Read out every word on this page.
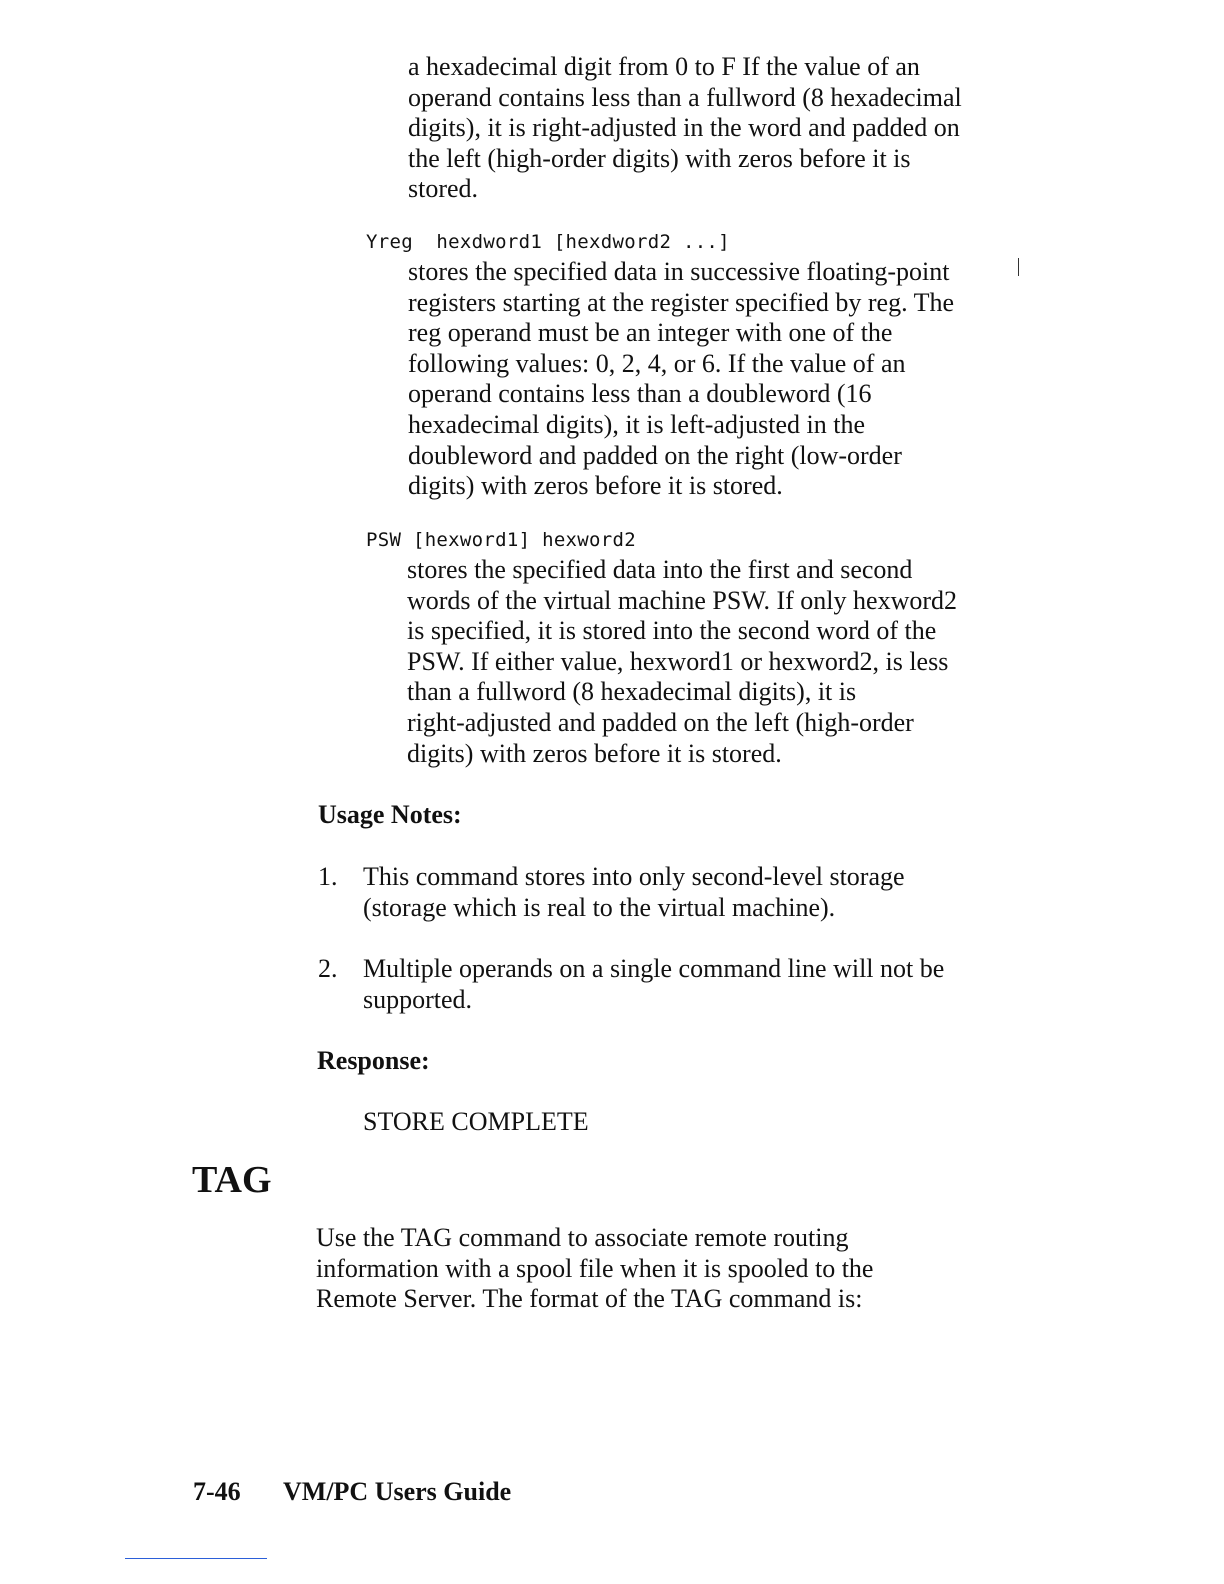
a hexadecimal digit from 0 to F If the value of an
operand contains less than a fullword (8 hexadecimal
digits), it is right-adjusted in the word and padded on
the left (high-order digits) with zeros before it is
stored.
Yreg  hexdword1 [hexdword2 ...]
stores the specified data in successive floating-point
registers starting at the register specified by reg. The
reg operand must be an integer with one of the
following values: 0, 2, 4, or 6. If the value of an
operand contains less than a doubleword (16
hexadecimal digits), it is left-adjusted in the
doubleword and padded on the right (low-order
digits) with zeros before it is stored.
PSW [hexword1] hexword2
stores the specified data into the first and second
words of the virtual machine PSW. If only hexword2
is specified, it is stored into the second word of the
PSW. If either value, hexword1 or hexword2, is less
than a fullword (8 hexadecimal digits), it is
right-adjusted and padded on the left (high-order
digits) with zeros before it is stored.
Usage Notes:
1. This command stores into only second-level storage
(storage which is real to the virtual machine).
2. Multiple operands on a single command line will not be
supported.
Response:
STORE COMPLETE
TAG
Use the TAG command to associate remote routing
information with a spool file when it is spooled to the
Remote Server. The format of the TAG command is:
7-46 VM/PC Users Guide
